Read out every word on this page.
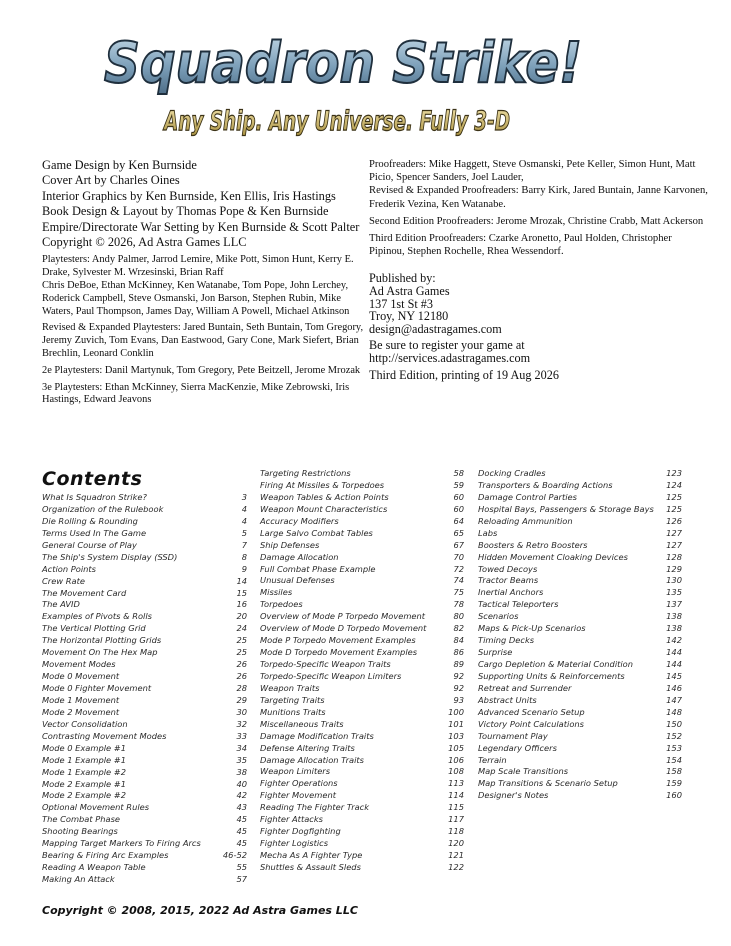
Squadron Strike!
Any Ship. Any Universe. Fully 3-D
Game Design by Ken Burnside
Cover Art by Charles Oines
Interior Graphics by Ken Burnside, Ken Ellis, Iris Hastings
Book Design & Layout by Thomas Pope & Ken Burnside
Empire/Directorate War Setting by Ken Burnside & Scott Palter
Copyright © 2026, Ad Astra Games LLC
Playtesters: Andy Palmer, Jarrod Lemire, Mike Pott, Simon Hunt, Kerry E. Drake, Sylvester M. Wrzesinski, Brian Raff
Chris DeBoe, Ethan McKinney, Ken Watanabe, Tom Pope, John Lerchey, Roderick Campbell, Steve Osmanski, Jon Barson, Stephen Rubin, Mike Waters, Paul Thompson, James Day, William A Powell, Michael Atkinson
Revised & Expanded Playtesters: Jared Buntain, Seth Buntain, Tom Gregory, Jeremy Zuvich, Tom Evans, Dan Eastwood, Gary Cone, Mark Siefert, Brian Brechlin, Leonard Conklin
2e Playtesters: Danil Martynuk, Tom Gregory, Pete Beitzell, Jerome Mrozak
3e Playtesters: Ethan McKinney, Sierra MacKenzie, Mike Zebrowski, Iris Hastings, Edward Jeavons
Proofreaders: Mike Haggett, Steve Osmanski, Pete Keller, Simon Hunt, Matt Picio, Spencer Sanders, Joel Lauder,
Revised & Expanded Proofreaders: Barry Kirk, Jared Buntain, Janne Karvonen, Frederik Vezina, Ken Watanabe.
Second Edition Proofreaders: Jerome Mrozak, Christine Crabb, Matt Ackerson
Third Edition Proofreaders: Czarke Aronetto, Paul Holden, Christopher Pipinou, Stephen Rochelle, Rhea Wessendorf.
Published by:
Ad Astra Games
137 1st St #3
Troy, NY 12180
design@adastragames.com
Be sure to register your game at
http://services.adastragames.com
Third Edition, printing of 19 Aug 2026
Contents
What Is Squadron Strike?	3
Organization of the Rulebook	4
Die Rolling & Rounding	4
Terms Used In The Game	5
General Course of Play	7
The Ship's System Display (SSD)	8
Action Points	9
Crew Rate	14
The Movement Card	15
The AVID	16
Examples of Pivots & Rolls	20
The Vertical Plotting Grid	24
The Horizontal Plotting Grids	25
Movement On The Hex Map	25
Movement Modes	26
Mode 0 Movement	26
Mode 0 Fighter Movement	28
Mode 1 Movement	29
Mode 2 Movement	30
Vector Consolidation	32
Contrasting Movement Modes	33
Mode 0 Example #1	34
Mode 1 Example #1	35
Mode 1 Example #2	38
Mode 2 Example #1	40
Mode 2 Example #2	42
Optional Movement Rules	43
The Combat Phase	45
Shooting Bearings	45
Mapping Target Markers To Firing Arcs	45
Bearing & Firing Arc Examples	46-52
Reading A Weapon Table	55
Making An Attack	57
Targeting Restrictions	58
Firing At Missiles & Torpedoes	59
Weapon Tables & Action Points	60
Weapon Mount Characteristics	60
Accuracy Modifiers	64
Large Salvo Combat Tables	65
Ship Defenses	67
Damage Allocation	70
Full Combat Phase Example	72
Unusual Defenses	74
Missiles	75
Torpedoes	78
Overview of Mode P Torpedo Movement	80
Overview of Mode D Torpedo Movement	82
Mode P Torpedo Movement Examples	84
Mode D Torpedo Movement Examples	86
Torpedo-Specific Weapon Traits	89
Torpedo-Specific Weapon Limiters	92
Weapon Traits	92
Targeting Traits	93
Munitions Traits	100
Miscellaneous Traits	101
Damage Modification Traits	103
Defense Altering Traits	105
Damage Allocation Traits	106
Weapon Limiters	108
Fighter Operations	113
Fighter Movement	114
Reading The Fighter Track	115
Fighter Attacks	117
Fighter Dogfighting	118
Fighter Logistics	120
Mecha As A Fighter Type	121
Shuttles & Assault Sleds	122
Docking Cradles	123
Transporters & Boarding Actions	124
Damage Control Parties	125
Hospital Bays, Passengers & Storage Bays	125
Reloading Ammunition	126
Labs	127
Boosters & Retro Boosters	127
Hidden Movement Cloaking Devices	128
Towed Decoys	129
Tractor Beams	130
Inertial Anchors	135
Tactical Teleporters	137
Scenarios	138
Maps & Pick-Up Scenarios	138
Timing Decks	142
Surprise	144
Cargo Depletion & Material Condition	144
Supporting Units & Reinforcements	145
Retreat and Surrender	146
Abstract Units	147
Advanced Scenario Setup	148
Victory Point Calculations	150
Tournament Play	152
Legendary Officers	153
Terrain	154
Map Scale Transitions	158
Map Transitions & Scenario Setup	159
Designer's Notes	160
Copyright © 2008, 2015, 2022 Ad Astra Games LLC
